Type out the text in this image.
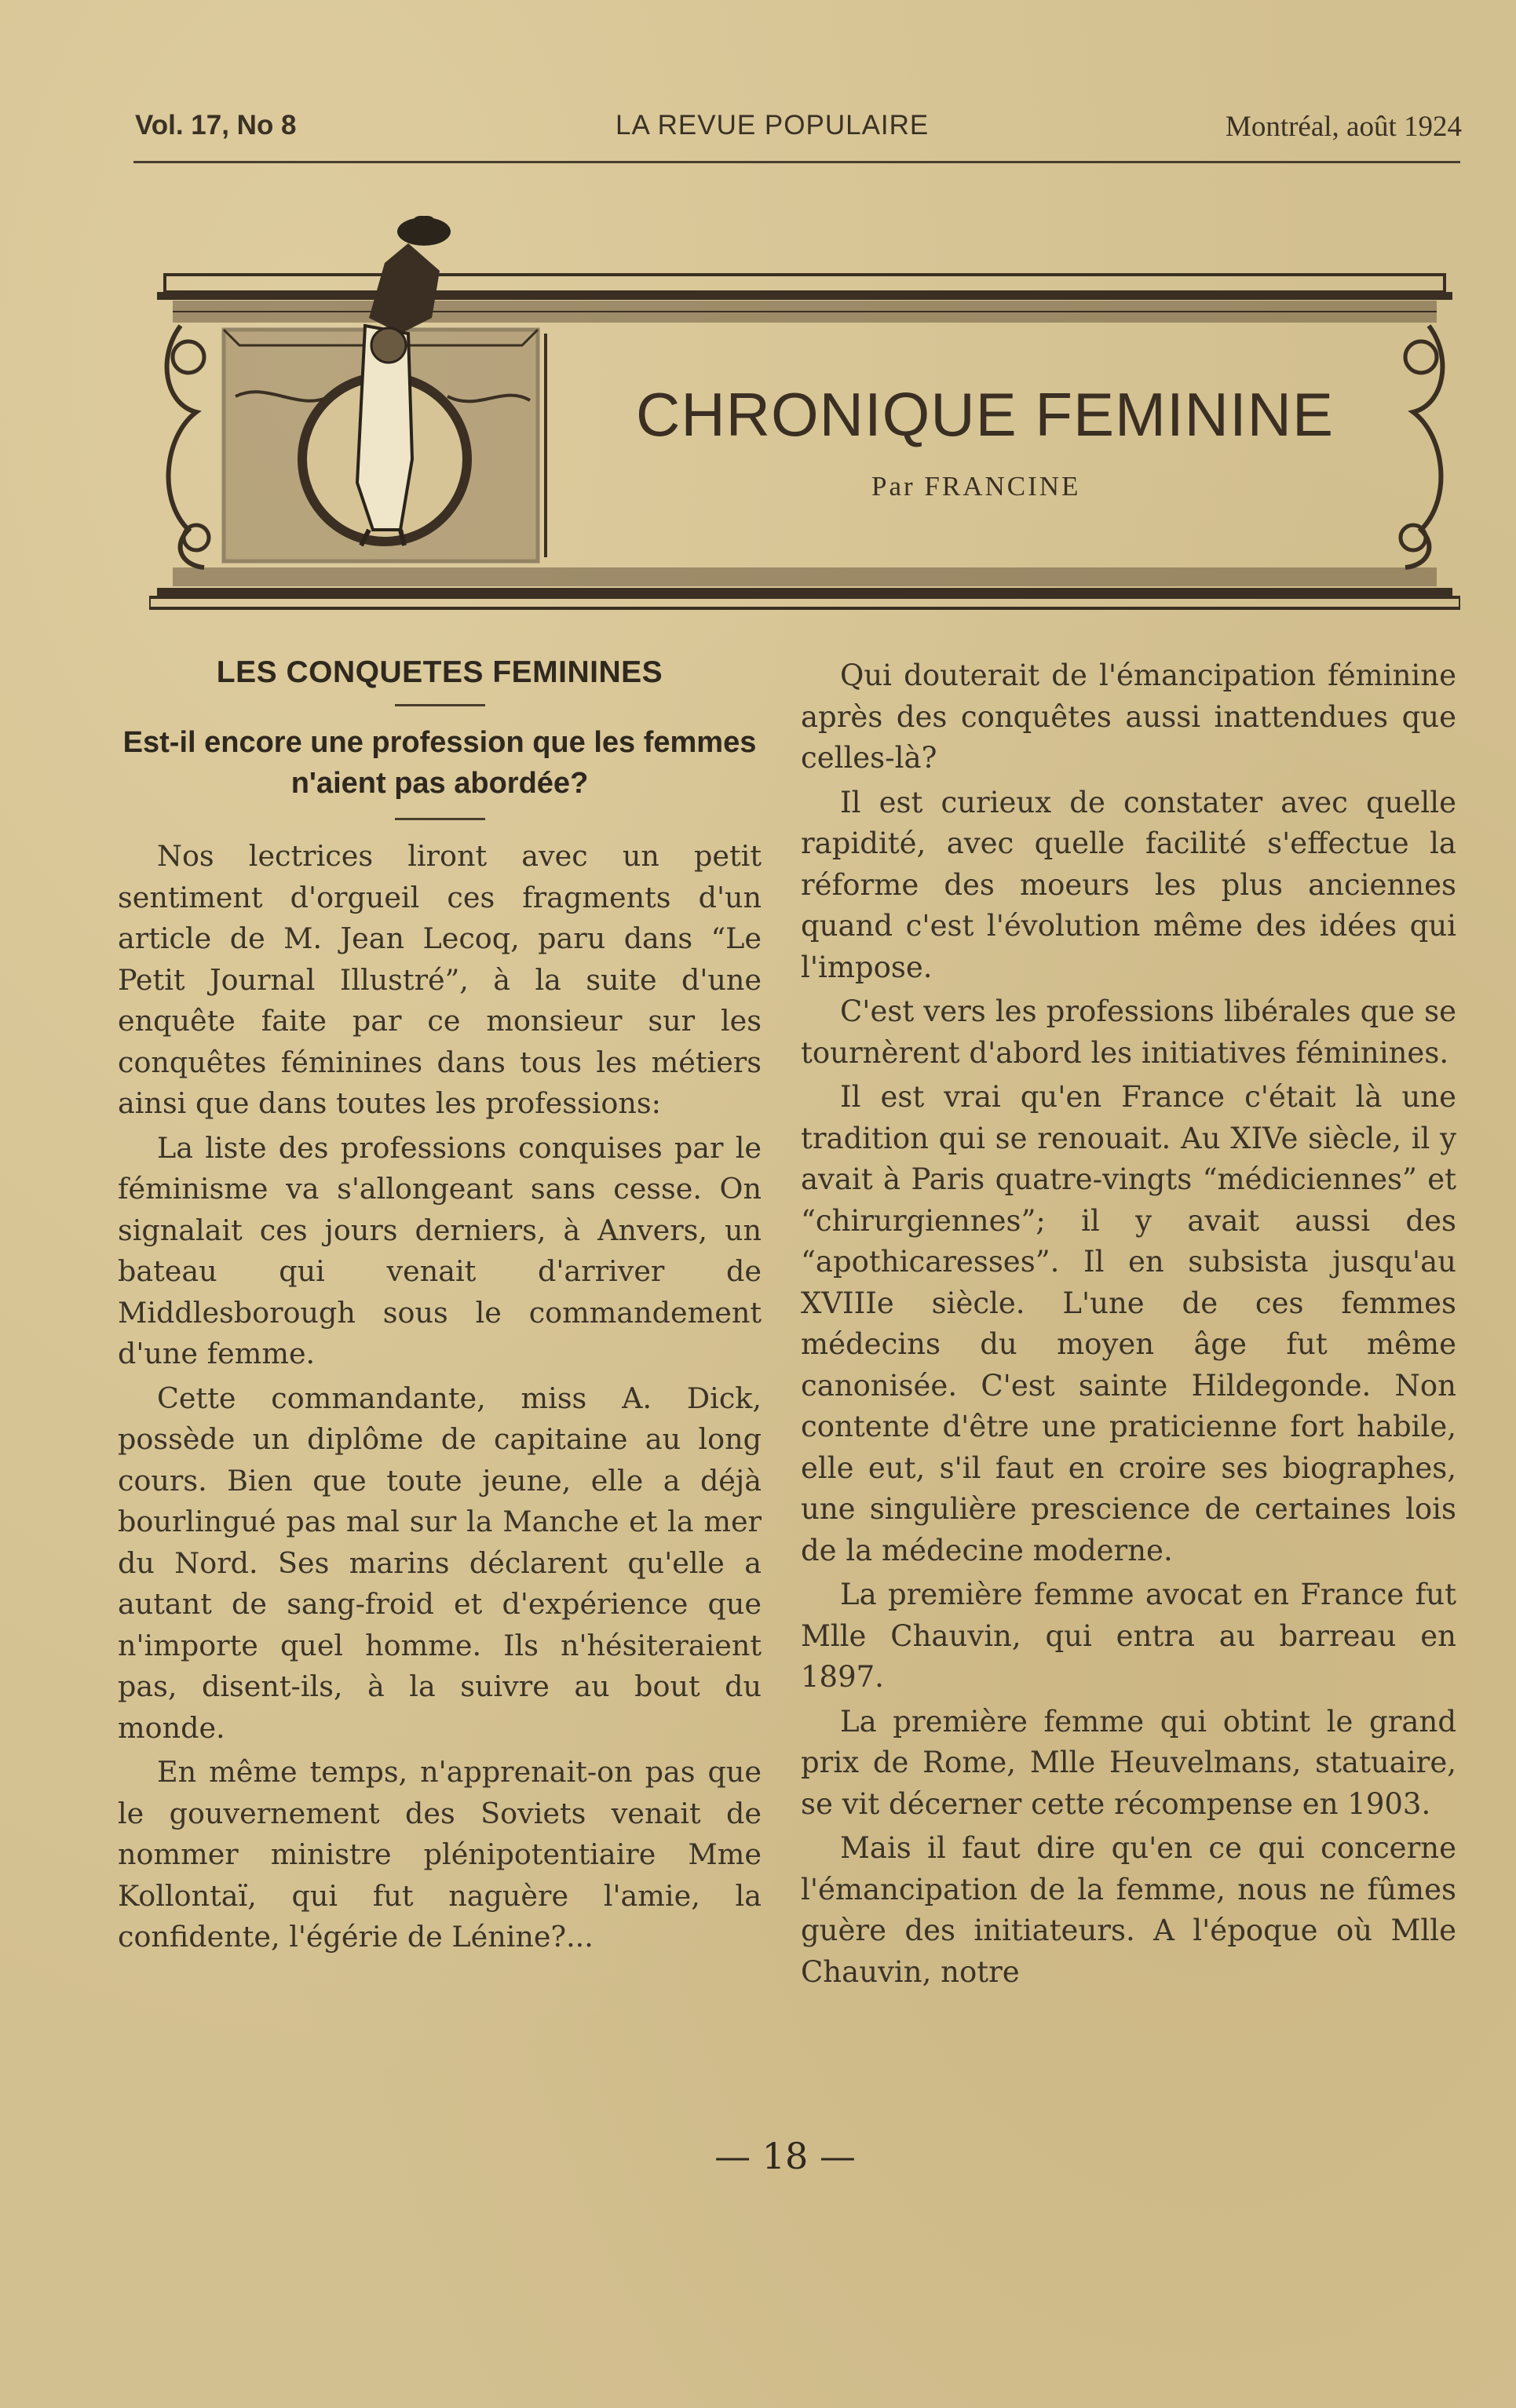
Vol. 17, No 8	LA REVUE POPULAIRE	Montréal, août 1924
CHRONIQUE FEMININE
Par FRANCINE
LES CONQUETES FEMININES

Est-il encore une profession que les femmes n'aient pas abordée?

Nos lectrices liront avec un petit sentiment d'orgueil ces fragments d'un article de M. Jean Lecoq, paru dans “Le Petit Journal Illustré”, à la suite d'une enquête faite par ce monsieur sur les conquêtes féminines dans tous les métiers ainsi que dans toutes les professions:

La liste des professions conquises par le féminisme va s'allongeant sans cesse. On signalait ces jours derniers, à Anvers, un bateau qui venait d'arriver de Middlesborough sous le commandement d'une femme.

Cette commandante, miss A. Dick, possède un diplôme de capitaine au long cours. Bien que toute jeune, elle a déjà bourlingué pas mal sur la Manche et la mer du Nord. Ses marins déclarent qu'elle a autant de sang-froid et d'expérience que n'importe quel homme. Ils n'hésiteraient pas, disent-ils, à la suivre au bout du monde.

En même temps, n'apprenait-on pas que le gouvernement des Soviets venait de nommer ministre plénipotentiaire Mme Kollontaï, qui fut naguère l'amie, la confidente, l'égérie de Lénine?...

Qui douterait de l'émancipation féminine après des conquêtes aussi inattendues que celles-là?

Il est curieux de constater avec quelle rapidité, avec quelle facilité s'effectue la réforme des moeurs les plus anciennes quand c'est l'évolution même des idées qui l'impose.

C'est vers les professions libérales que se tournèrent d'abord les initiatives féminines.

Il est vrai qu'en France c'était là une tradition qui se renouait. Au XIVe siècle, il y avait à Paris quatre-vingts “médiciennes” et “chirurgiennes”; il y avait aussi des “apothicaresses”. Il en subsista jusqu'au XVIIIe siècle. L'une de ces femmes médecins du moyen âge fut même canonisée. C'est sainte Hildegonde. Non contente d'être une praticienne fort habile, elle eut, s'il faut en croire ses biographes, une singulière prescience de certaines lois de la médecine moderne.

La première femme avocat en France fut Mlle Chauvin, qui entra au barreau en 1897.

La première femme qui obtint le grand prix de Rome, Mlle Heuvelmans, statuaire, se vit décerner cette récompense en 1903.

Mais il faut dire qu'en ce qui concerne l'émancipation de la femme, nous ne fûmes guère des initiateurs. A l'époque où Mlle Chauvin, notre

— 18 —
